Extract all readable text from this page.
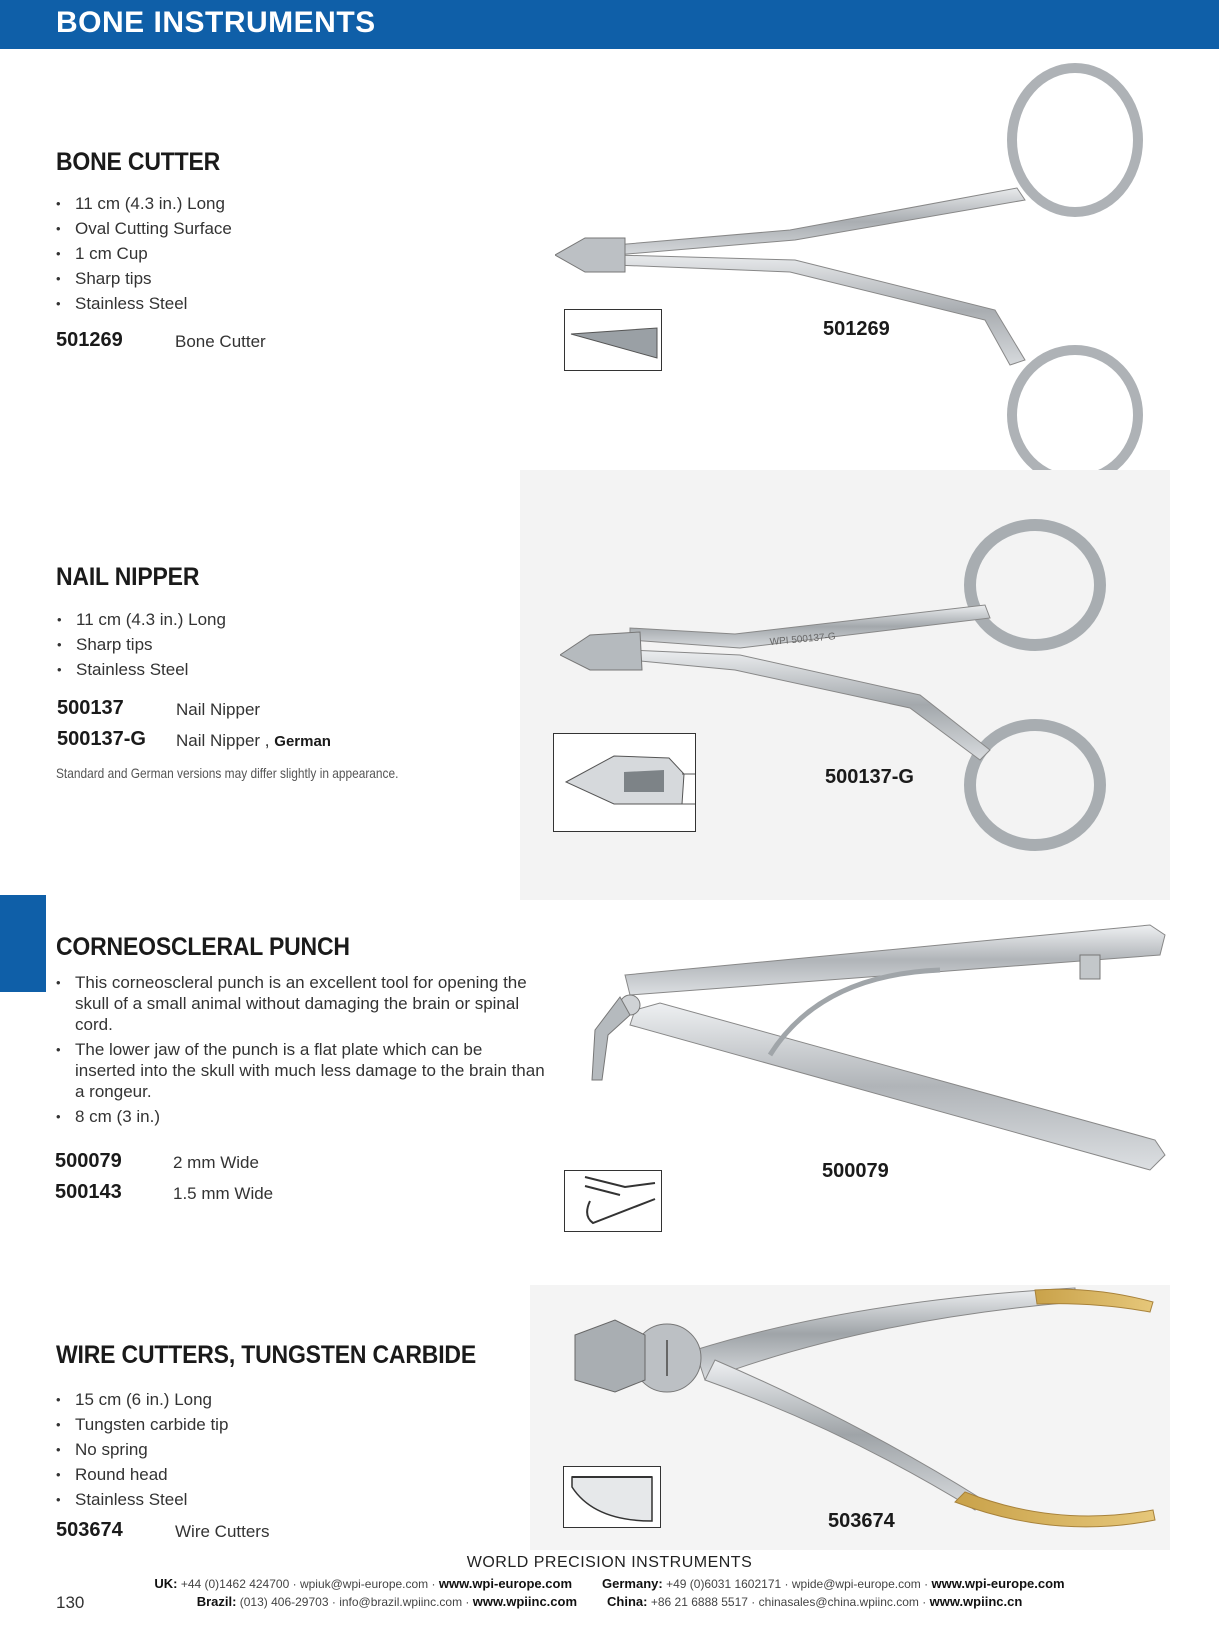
BONE INSTRUMENTS
BONE CUTTER
• 11 cm (4.3 in.) Long
• Oval Cutting Surface
• 1 cm Cup
• Sharp tips
• Stainless Steel
501269	Bone Cutter
501269
NAIL NIPPER
• 11 cm (4.3 in.) Long
• Sharp tips
• Stainless Steel
500137	Nail Nipper
500137-G Nail Nipper , German
Standard and German versions may differ slightly in appearance.
WPI 500137-G
500137-G
CORNEOSCLERAL PUNCH
• This corneoscleral punch is an excellent tool for opening the skull of a small animal without damaging the brain or spinal cord.
• The lower jaw of the punch is a flat plate which can be inserted into the skull with much less damage to the brain than a rongeur.
• 8 cm (3 in.)
500079	2 mm Wide
500143	1.5 mm Wide
500079
WIRE CUTTERS, TUNGSTEN CARBIDE
• 15 cm (6 in.) Long
• Tungsten carbide tip
• No spring
• Round head
• Stainless Steel
503674	Wire Cutters	503674
WORLD PRECISION INSTRUMENTS
UK: +44 (0)1462 424700 · wpiuk@wpi-europe.com · www.wpi-europe.com Germany: +49 (0)6031 1602171 · wpide@wpi-europe.com · www.wpi-europe.com
Brazil: (013) 406-29703 · info@brazil.wpiinc.com · www.wpiinc.com China: +86 21 6888 5517 · chinasales@china.wpiinc.com · www.wpiinc.cn
130
